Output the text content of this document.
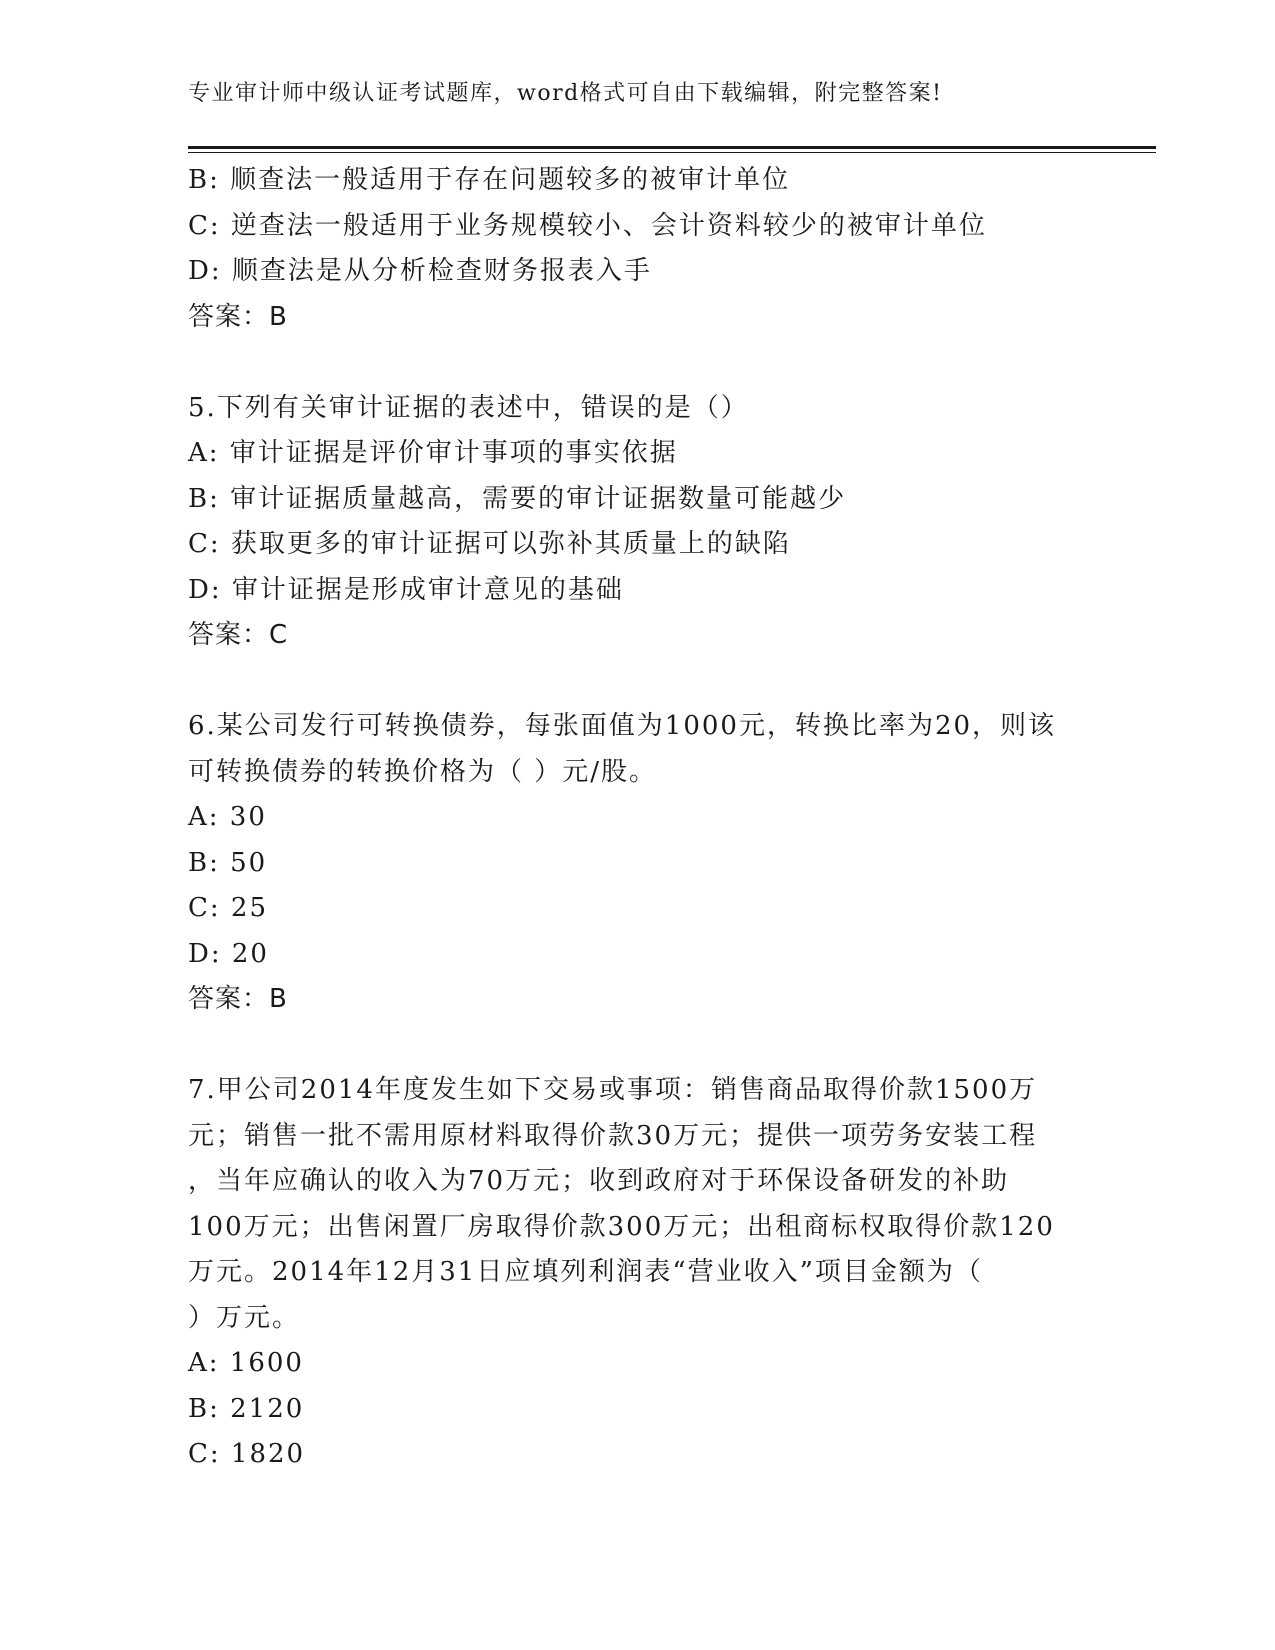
专业审计师中级认证考试题库，word格式可自由下载编辑，附完整答案!
B: 顺查法一般适用于存在问题较多的被审计单位
C: 逆查法一般适用于业务规模较小、会计资料较少的被审计单位
D: 顺查法是从分析检查财务报表入手
答案：B
5.下列有关审计证据的表述中，错误的是（）
A: 审计证据是评价审计事项的事实依据
B: 审计证据质量越高，需要的审计证据数量可能越少
C: 获取更多的审计证据可以弥补其质量上的缺陷
D: 审计证据是形成审计意见的基础
答案：C
6.某公司发行可转换债券，每张面值为1000元，转换比率为20，则该
可转换债券的转换价格为（ ）元/股。
A: 30
B: 50
C: 25
D: 20
答案：B
7.甲公司2014年度发生如下交易或事项：销售商品取得价款1500万
元；销售一批不需用原材料取得价款30万元；提供一项劳务安装工程
，当年应确认的收入为70万元；收到政府对于环保设备研发的补助
100万元；出售闲置厂房取得价款300万元；出租商标权取得价款120
万元。2014年12月31日应填列利润表“营业收入”项目金额为（
）万元。
A: 1600
B: 2120
C: 1820
